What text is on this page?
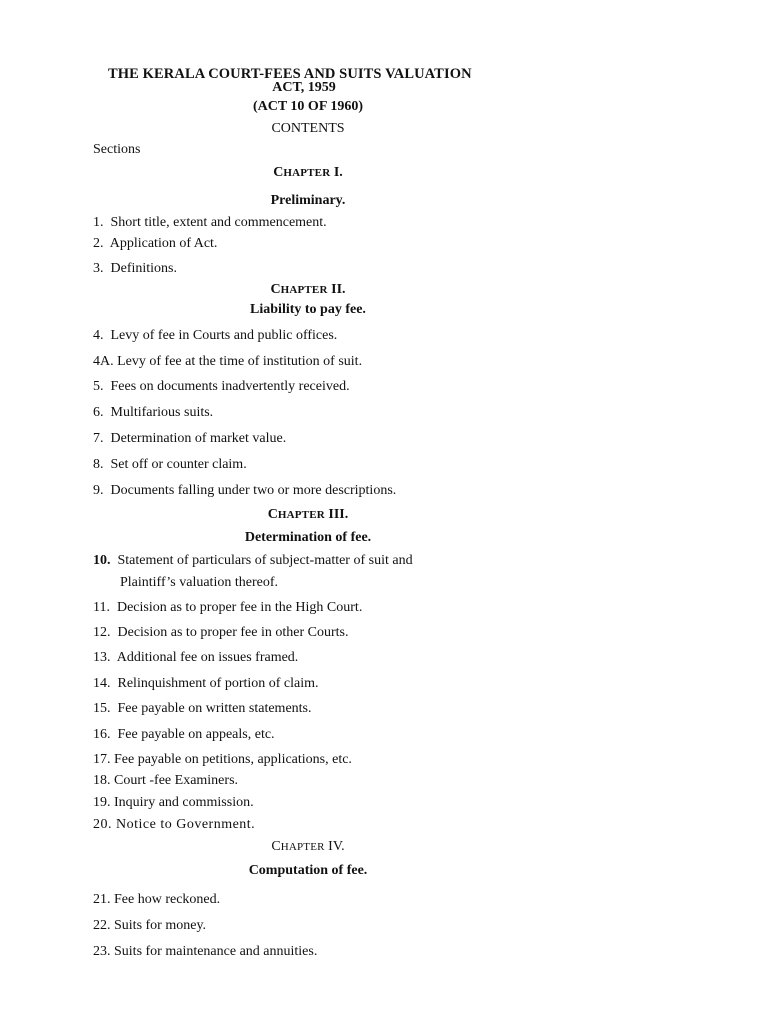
THE KERALA COURT-FEES AND SUITS VALUATION
ACT, 1959
(ACT 10 OF 1960)
CONTENTS
Sections
CHAPTER I.
Preliminary.
1. Short title, extent and commencement.
2. Application of Act.
3. Definitions.
CHAPTER II.
Liability to pay fee.
4. Levy of fee in Courts and public offices.
4A. Levy of fee at the time of institution of suit.
5. Fees on documents inadvertently received.
6. Multifarious suits.
7. Determination of market value.
8. Set off or counter claim.
9. Documents falling under two or more descriptions.
CHAPTER III.
Determination of fee.
10. Statement of particulars of subject-matter of suit and
Plaintiff’s valuation thereof.
11. Decision as to proper fee in the High Court.
12. Decision as to proper fee in other Courts.
13. Additional fee on issues framed.
14. Relinquishment of portion of claim.
15. Fee payable on written statements.
16. Fee payable on appeals, etc.
17. Fee payable on petitions, applications, etc.
18. Court -fee Examiners.
19. Inquiry and commission.
20. Notice to Government.
CHAPTER IV.
Computation of fee.
21. Fee how reckoned.
22. Suits for money.
23. Suits for maintenance and annuities.
